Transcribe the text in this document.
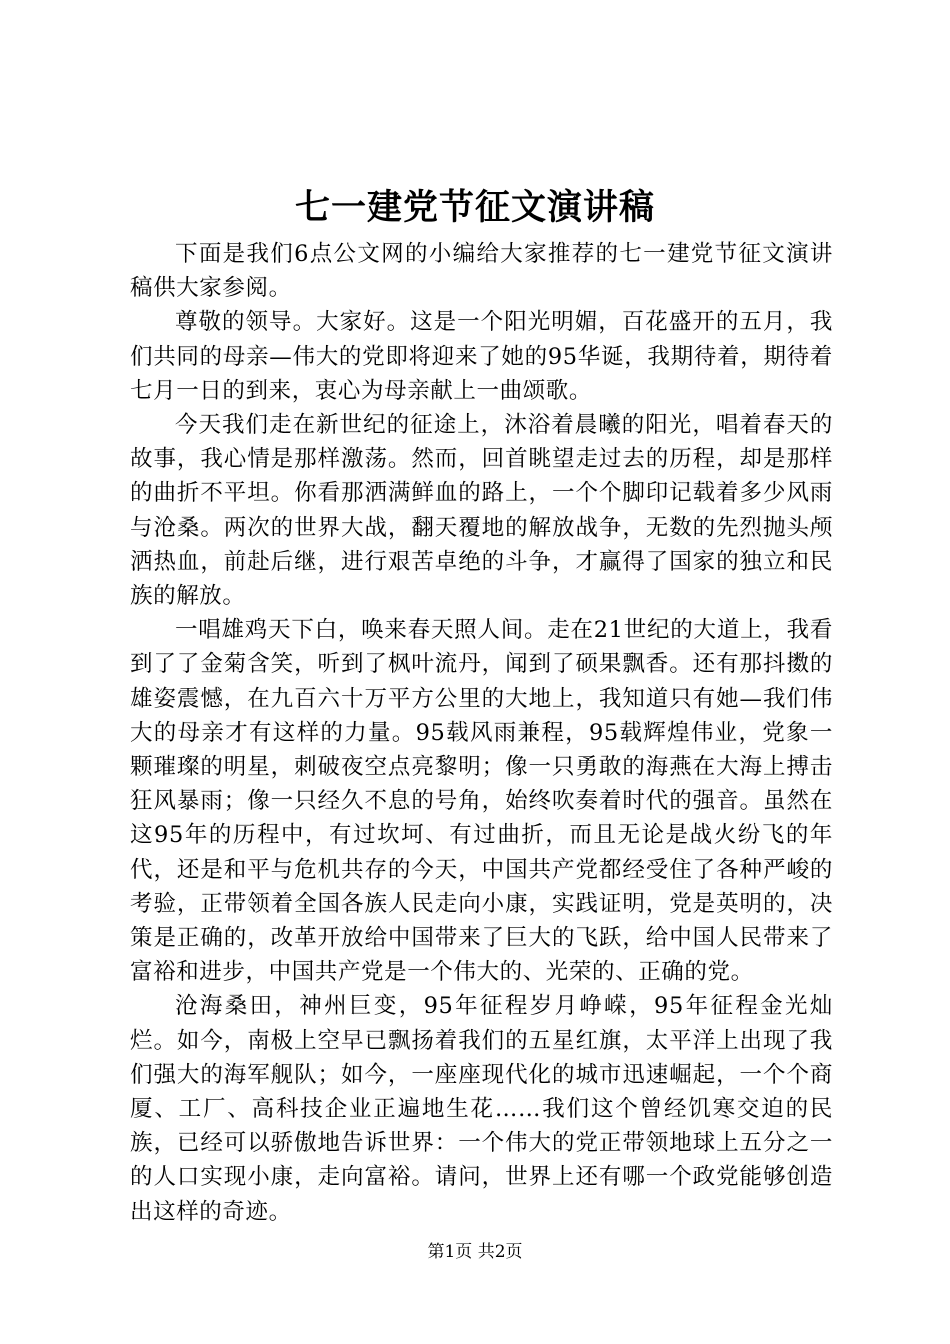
七一建党节征文演讲稿

下面是我们6点公文网的小编给大家推荐的七一建党节征文演讲稿供大家参阅。

尊敬的领导。大家好。这是一个阳光明媚，百花盛开的五月，我们共同的母亲—伟大的党即将迎来了她的95华诞，我期待着，期待着七月一日的到来，衷心为母亲献上一曲颂歌。

今天我们走在新世纪的征途上，沐浴着晨曦的阳光，唱着春天的故事，我心情是那样激荡。然而，回首眺望走过去的历程，却是那样的曲折不平坦。你看那洒满鲜血的路上，一个个脚印记载着多少风雨与沧桑。两次的世界大战，翻天覆地的解放战争，无数的先烈抛头颅洒热血，前赴后继，进行艰苦卓绝的斗争，才赢得了国家的独立和民族的解放。

一唱雄鸡天下白，唤来春天照人间。走在21世纪的大道上，我看到了了金菊含笑，听到了枫叶流丹，闻到了硕果飘香。还有那抖擞的雄姿震憾，在九百六十万平方公里的大地上，我知道只有她—我们伟大的母亲才有这样的力量。95载风雨兼程，95载辉煌伟业，党象一颗璀璨的明星，刺破夜空点亮黎明；像一只勇敢的海燕在大海上搏击狂风暴雨；像一只经久不息的号角，始终吹奏着时代的强音。虽然在这95年的历程中，有过坎坷、有过曲折，而且无论是战火纷飞的年代，还是和平与危机共存的今天，中国共产党都经受住了各种严峻的考验，正带领着全国各族人民走向小康，实践证明，党是英明的，决策是正确的，改革开放给中国带来了巨大的飞跃，给中国人民带来了富裕和进步，中国共产党是一个伟大的、光荣的、正确的党。

沧海桑田，神州巨变，95年征程岁月峥嵘，95年征程金光灿烂。如今，南极上空早已飘扬着我们的五星红旗，太平洋上出现了我们强大的海军舰队；如今，一座座现代化的城市迅速崛起，一个个商厦、工厂、高科技企业正遍地生花……我们这个曾经饥寒交迫的民族，已经可以骄傲地告诉世界：一个伟大的党正带领地球上五分之一的人口实现小康，走向富裕。请问，世界上还有哪一个政党能够创造出这样的奇迹。

第1页 共2页
